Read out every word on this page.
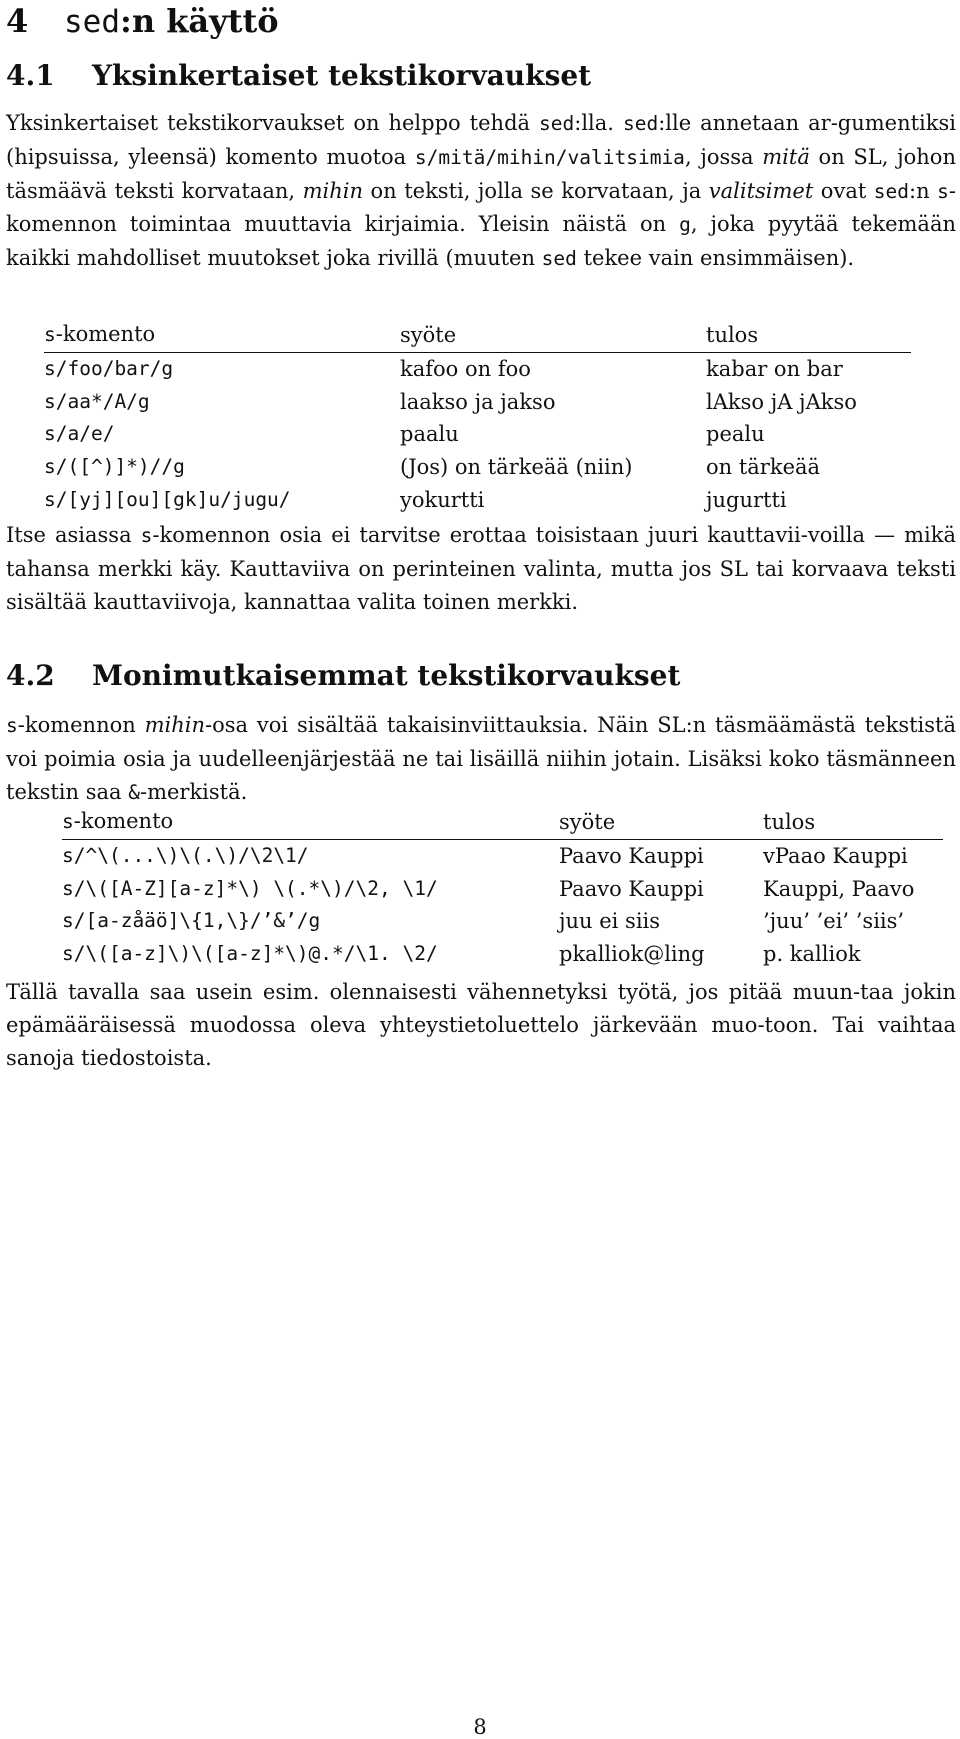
4 sed:n käyttö
4.1 Yksinkertaiset tekstikorvaukset
Yksinkertaiset tekstikorvaukset on helppo tehdä sed:lla. sed:lle annetaan ar-gumentiksi (hipsuissa, yleensä) komento muotoa s/mitä/mihin/valitsimia, jossa mitä on SL, johon täsmäävä teksti korvataan, mihin on teksti, jolla se korvataan, ja valitsimet ovat sed:n s-komennon toimintaa muuttavia kirjaimia. Yleisin näistä on g, joka pyytää tekemään kaikki mahdolliset muutokset joka rivillä (muuten sed tekee vain ensimmäisen).
s-komento	syöte	tulos
s/foo/bar/g	kafoo on foo	kabar on bar
s/aa*/A/g	laakso ja jakso	lAkso jA jAkso
s/a/e/	paalu	pealu
s/([^)]*)//g	(Jos) on tärkeää (niin)	on tärkeää
s/[yj][ou][gk]u/jugu/	yokurtti	jugurtti
Itse asiassa s-komennon osia ei tarvitse erottaa toisistaan juuri kauttavii-voilla — mikä tahansa merkki käy. Kauttaviiva on perinteinen valinta, mutta jos SL tai korvaava teksti sisältää kauttaviivoja, kannattaa valita toinen merkki.
4.2 Monimutkaisemmat tekstikorvaukset
s-komennon mihin-osa voi sisältää takaisinviittauksia. Näin SL:n täsmäämästä tekstistä voi poimia osia ja uudelleenjärjestää ne tai lisäillä niihin jotain. Lisäksi koko täsmänneen tekstin saa &-merkistä.
s-komento	syöte	tulos
s/^\(...\)\(.\)/\2\1/	Paavo Kauppi	vPaao Kauppi
s/\([A-Z][a-z]*\) \(.*\)/\2, \1/	Paavo Kauppi	Kauppi, Paavo
s/[a-zåäö]\{1,\}/’&’/g	juu ei siis	’juu’ ’ei’ ’siis’
s/\([a-z]\)\([a-z]*\)@.*/\1. \2/	pkalliok@ling	p. kalliok
Tällä tavalla saa usein esim. olennaisesti vähennetyksi työtä, jos pitää muun-taa jokin epämääräisessä muodossa oleva yhteystietoluettelo järkevään muo-toon. Tai vaihtaa sanoja tiedostoista.
8
